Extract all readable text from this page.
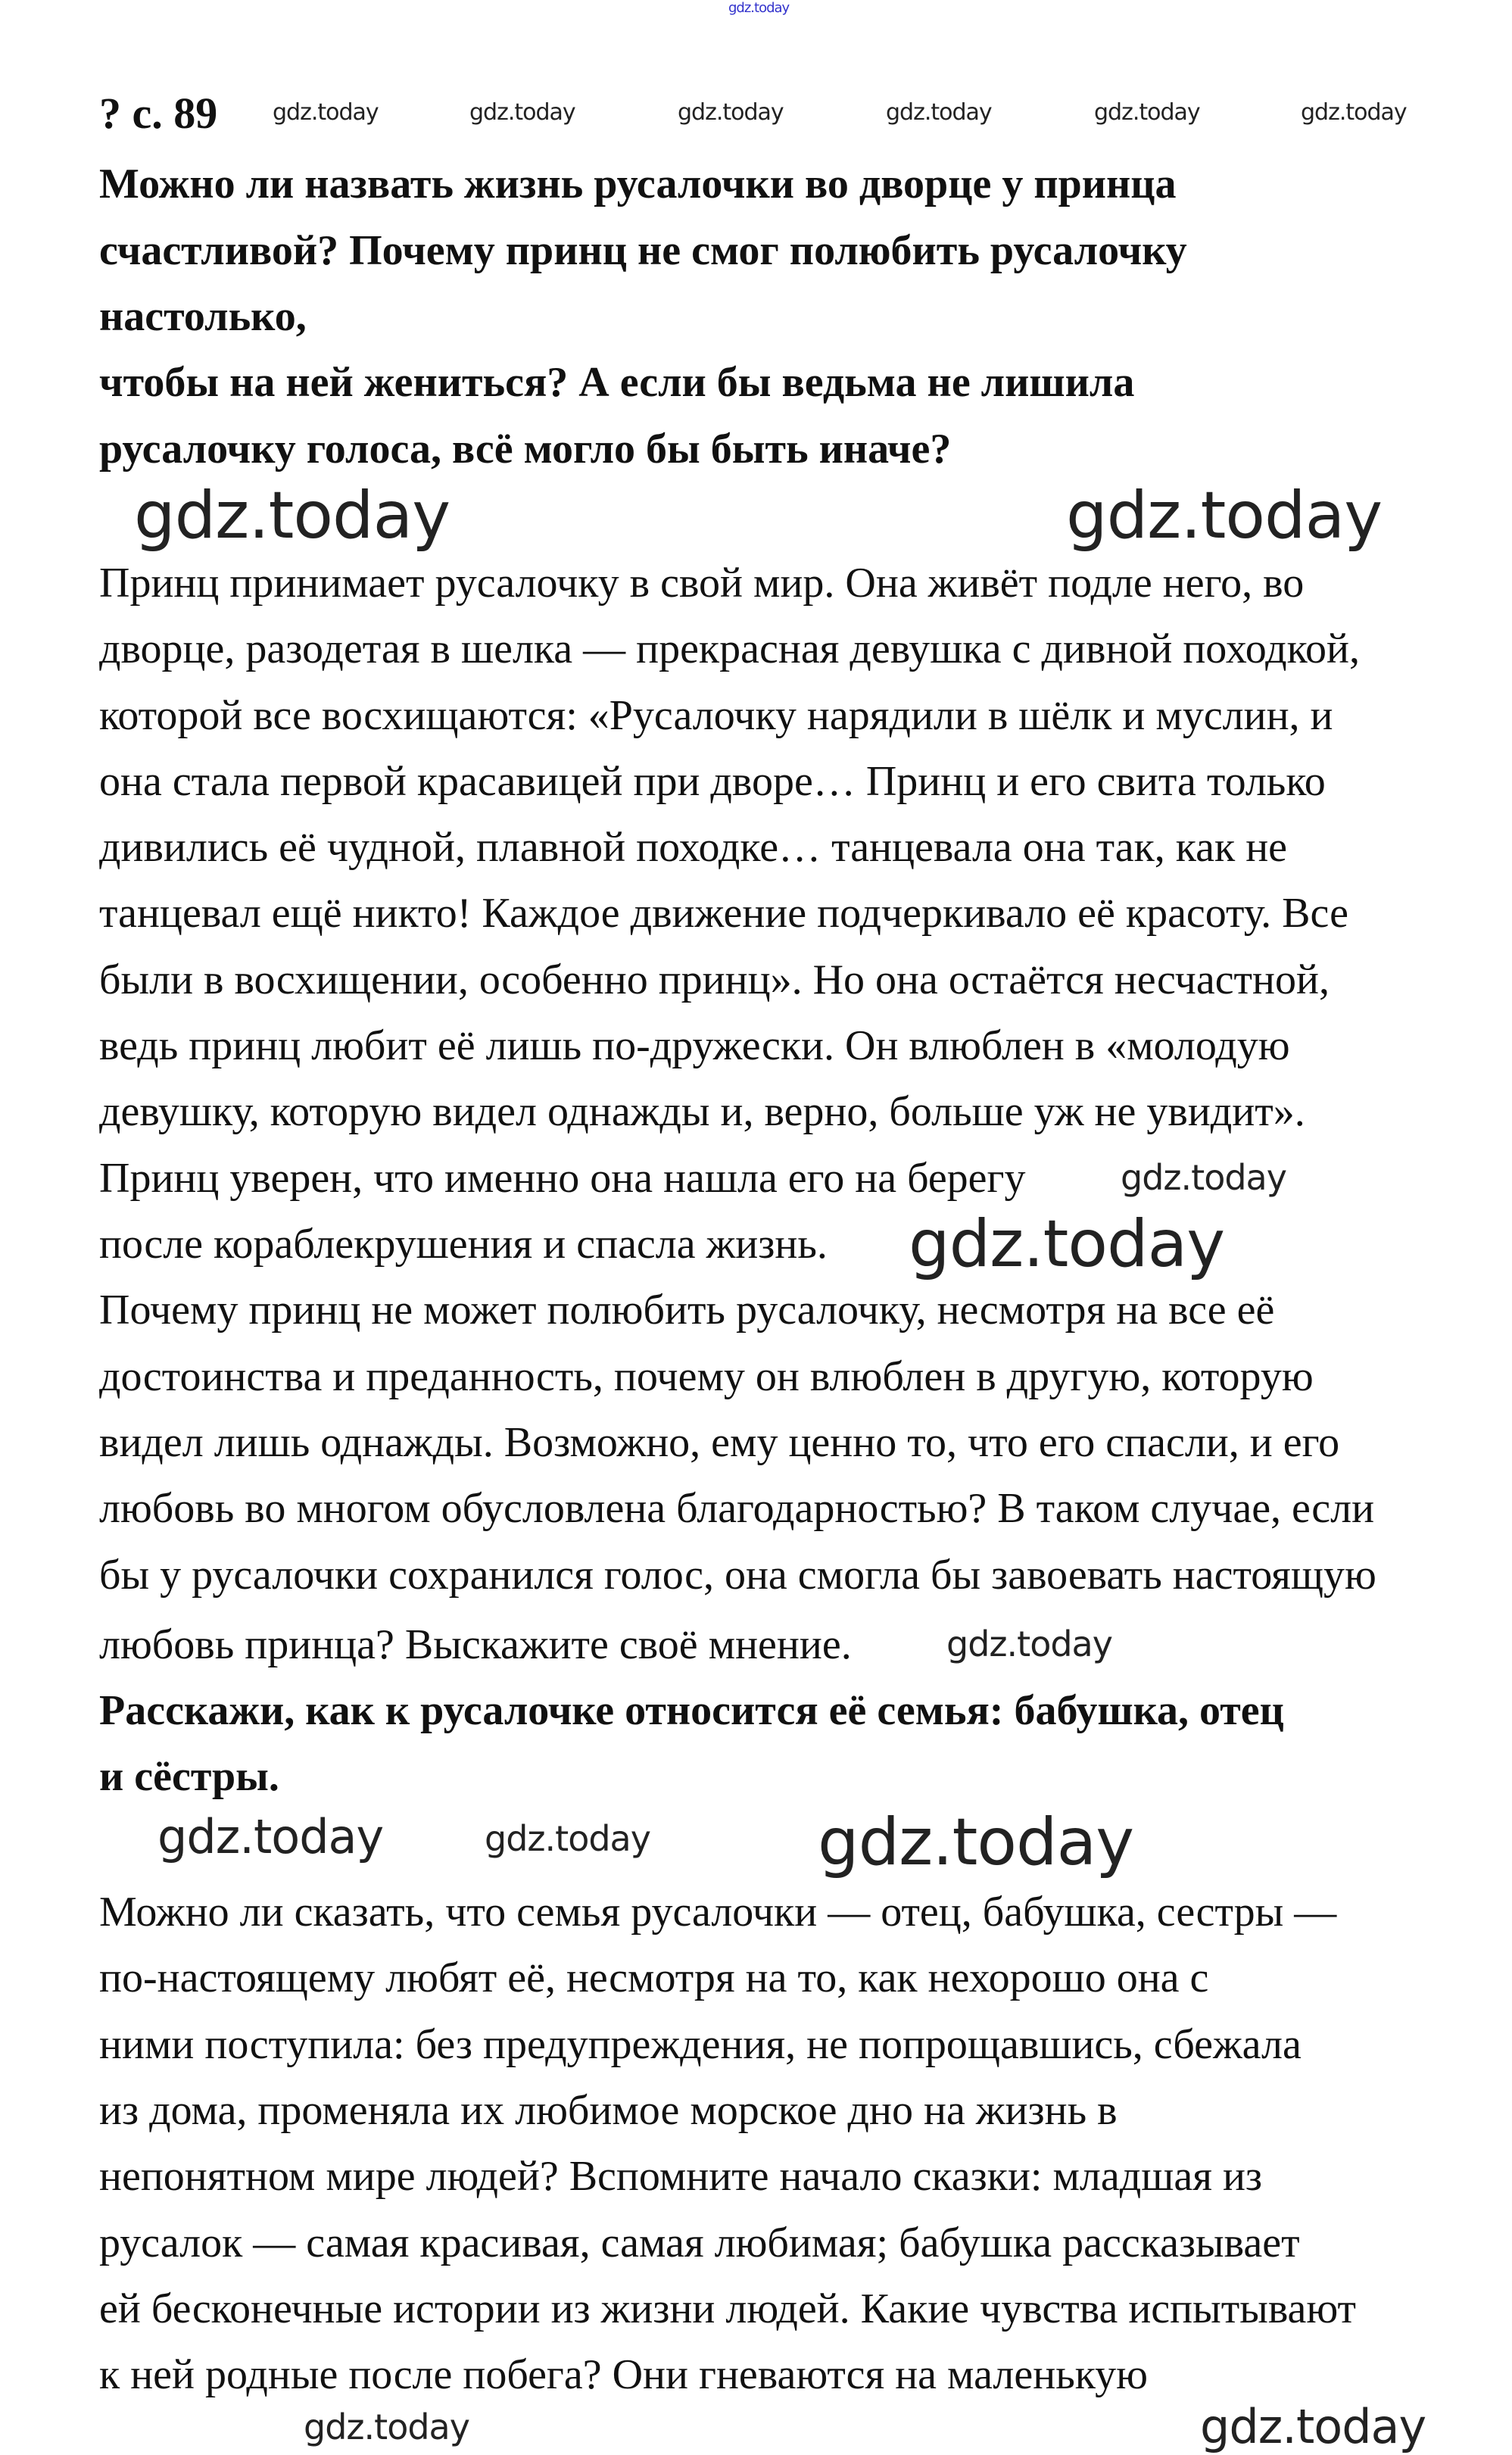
? с. 89
Можно ли назвать жизнь русалочки во дворце у принца
счастливой? Почему принц не смог полюбить русалочку
настолько,
чтобы на ней жениться? А если бы ведьма не лишила
русалочку голоса, всё могло бы быть иначе?
Принц принимает русалочку в свой мир. Она живёт подле него, во
дворце, разодетая в шелка — прекрасная девушка с дивной походкой,
которой все восхищаются: «Русалочку нарядили в шёлк и муслин, и
она стала первой красавицей при дворе… Принц и его свита только
дивились её чудной, плавной походке… танцевала она так, как не
танцевал ещё никто! Каждое движение подчеркивало её красоту. Все
были в восхищении, особенно принц». Но она остаётся несчастной,
ведь принц любит её лишь по-дружески. Он влюблен в «молодую
девушку, которую видел однажды и, верно, больше уж не увидит».
Принц уверен, что именно она нашла его на берегу
после кораблекрушения и спасла жизнь.
Почему принц не может полюбить русалочку, несмотря на все её
достоинства и преданность, почему он влюблен в другую, которую
видел лишь однажды. Возможно, ему ценно то, что его спасли, и его
любовь во многом обусловлена благодарностью? В таком случае, если
бы у русалочки сохранился голос, она смогла бы завоевать настоящую
любовь принца? Выскажите своё мнение.
Расскажи, как к русалочке относится её семья: бабушка, отец
и сёстры.
Можно ли сказать, что семья русалочки — отец, бабушка, сестры —
по-настоящему любят её, несмотря на то, как нехорошо она с
ними поступила: без предупреждения, не попрощавшись, сбежала
из дома, променяла их любимое морское дно на жизнь в
непонятном мире людей? Вспомните начало сказки: младшая из
русалок — самая красивая, самая любимая; бабушка рассказывает
ей бесконечные истории из жизни людей. Какие чувства испытывают
к ней родные после побега? Они гневаются на маленькую
gdz.today
gdz.today	gdz.today	gdz.today	gdz.today	gdz.today	gdz.today
gdz.today	gdz.today
gdz.today
gdz.today
gdz.today
gdz.today
gdz.today	gdz.today
gdz.today	gdz.today
